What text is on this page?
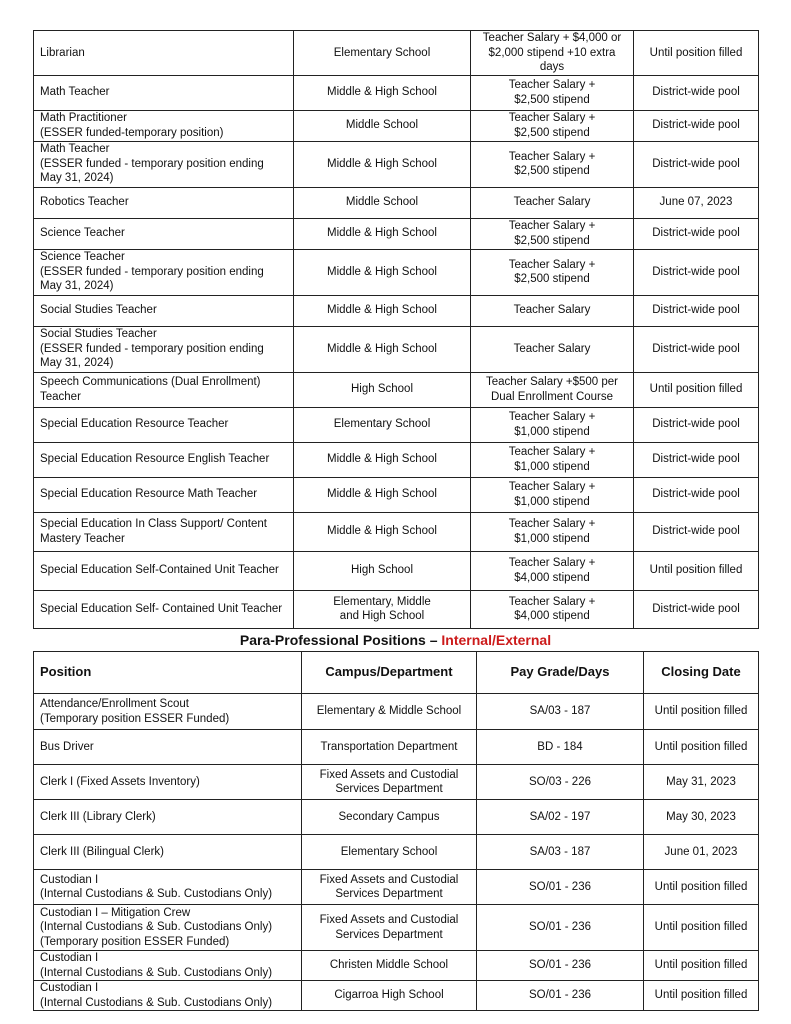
Librarian	Elementary School	Teacher Salary + $4,000 or
$2,000 stipend +10 extra days	Until position filled

Math Teacher	Middle & High School	Teacher Salary +
$2,500 stipend	District-wide pool

Math Practitioner
(ESSER funded-temporary position)	Middle School	Teacher Salary +
$2,500 stipend	District-wide pool

Math Teacher
(ESSER funded - temporary position ending
May 31, 2024)	Middle & High School	Teacher Salary +
$2,500 stipend	District-wide pool

Robotics Teacher	Middle School	Teacher Salary	June 07, 2023

Science Teacher	Middle & High School	Teacher Salary +
$2,500 stipend	District-wide pool

Science Teacher
(ESSER funded - temporary position ending
May 31, 2024)	Middle & High School	Teacher Salary +
$2,500 stipend	District-wide pool

Social Studies Teacher	Middle & High School	Teacher Salary	District-wide pool

Social Studies Teacher
(ESSER funded - temporary position ending
May 31, 2024)	Middle & High School	Teacher Salary	District-wide pool

Speech Communications (Dual Enrollment)
Teacher	High School	Teacher Salary +$500 per
Dual Enrollment Course	Until position filled

Special Education Resource Teacher	Elementary School	Teacher Salary +
$1,000 stipend	District-wide pool

Special Education Resource English Teacher	Middle & High School	Teacher Salary +
$1,000 stipend	District-wide pool

Special Education Resource Math Teacher	Middle & High School	Teacher Salary +
$1,000 stipend	District-wide pool

Special Education In Class Support/ Content
Mastery Teacher	Middle & High School	Teacher Salary +
$1,000 stipend	District-wide pool

Special Education Self-Contained Unit Teacher	High School	Teacher Salary +
$4,000 stipend	Until position filled

Special Education Self- Contained Unit Teacher	Elementary, Middle
and High School	Teacher Salary +
$4,000 stipend	District-wide pool
Para-Professional Positions – Internal/External
Position	Campus/Department	Pay Grade/Days	Closing Date

Attendance/Enrollment Scout
(Temporary position ESSER Funded)	Elementary & Middle School	SA/03 - 187	Until position filled

Bus Driver	Transportation Department	BD - 184	Until position filled

Clerk I (Fixed Assets Inventory)	Fixed Assets and Custodial
Services Department	SO/03 - 226	May 31, 2023

Clerk III (Library Clerk)	Secondary Campus	SA/02 - 197	May 30, 2023

Clerk III (Bilingual Clerk)	Elementary School	SA/03 - 187	June 01, 2023

Custodian I
(Internal Custodians & Sub. Custodians Only)	Fixed Assets and Custodial
Services Department	SO/01 - 236	Until position filled

Custodian I – Mitigation Crew
(Internal Custodians & Sub. Custodians Only)
(Temporary position ESSER Funded)	Fixed Assets and Custodial
Services Department	SO/01 - 236	Until position filled

Custodian I
(Internal Custodians & Sub. Custodians Only)	Christen Middle School	SO/01 - 236	Until position filled

Custodian I
(Internal Custodians & Sub. Custodians Only)	Cigarroa High School	SO/01 - 236	Until position filled
